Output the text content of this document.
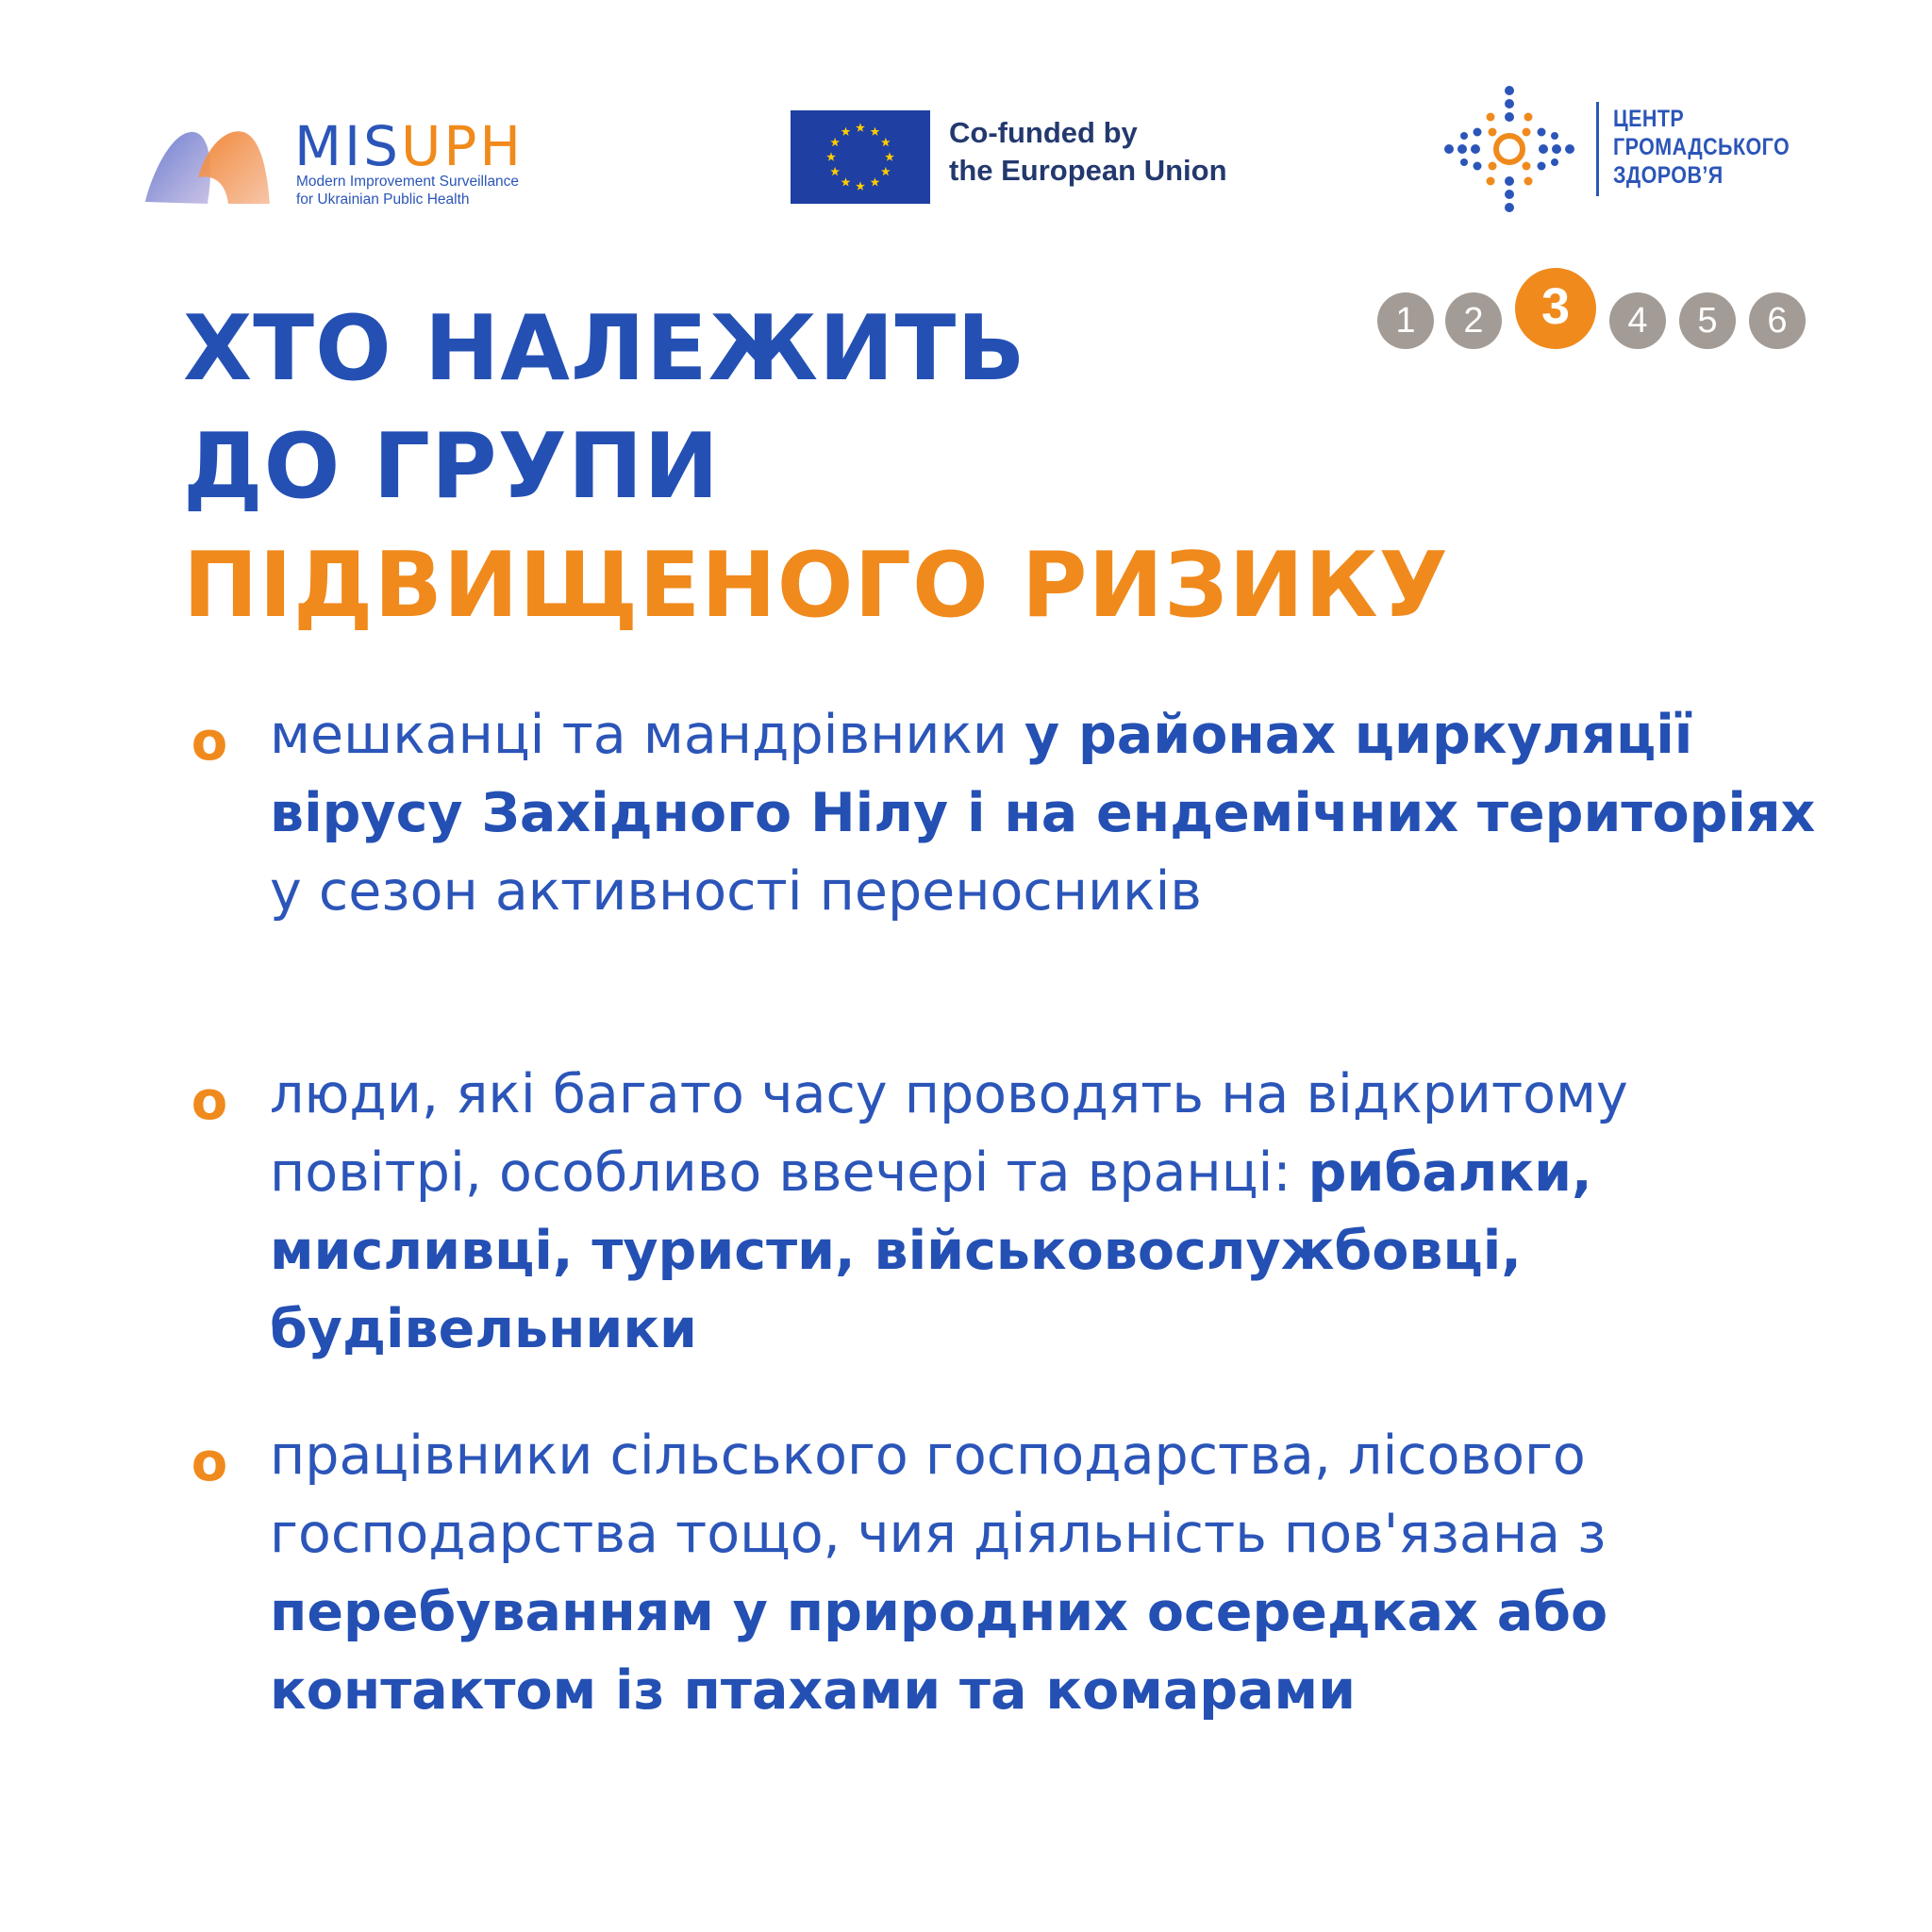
MISUPH
Modern Improvement Surveillance
for Ukrainian Public Health
Co-funded by
the European Union
ЦЕНТР
ГРОМАДСЬКОГО
ЗДОРОВ’Я
1	2	3	4	5	6
ХТО НАЛЕЖИТЬ
ДО ГРУПИ
ПІДВИЩЕНОГО РИЗИКУ
о мешканці та мандрівники у районах циркуляції вірусу Західного Нілу і на ендемічних територіях у сезон активності переносників

о люди, які багато часу проводять на відкритому повітрі, особливо ввечері та вранці: рибалки, мисливці, туристи, військовослужбовці, будівельники

о працівники сільського господарства, лісового господарства тощо, чия діяльність пов'язана з перебуванням у природних осередках або контактом із птахами та комарами
